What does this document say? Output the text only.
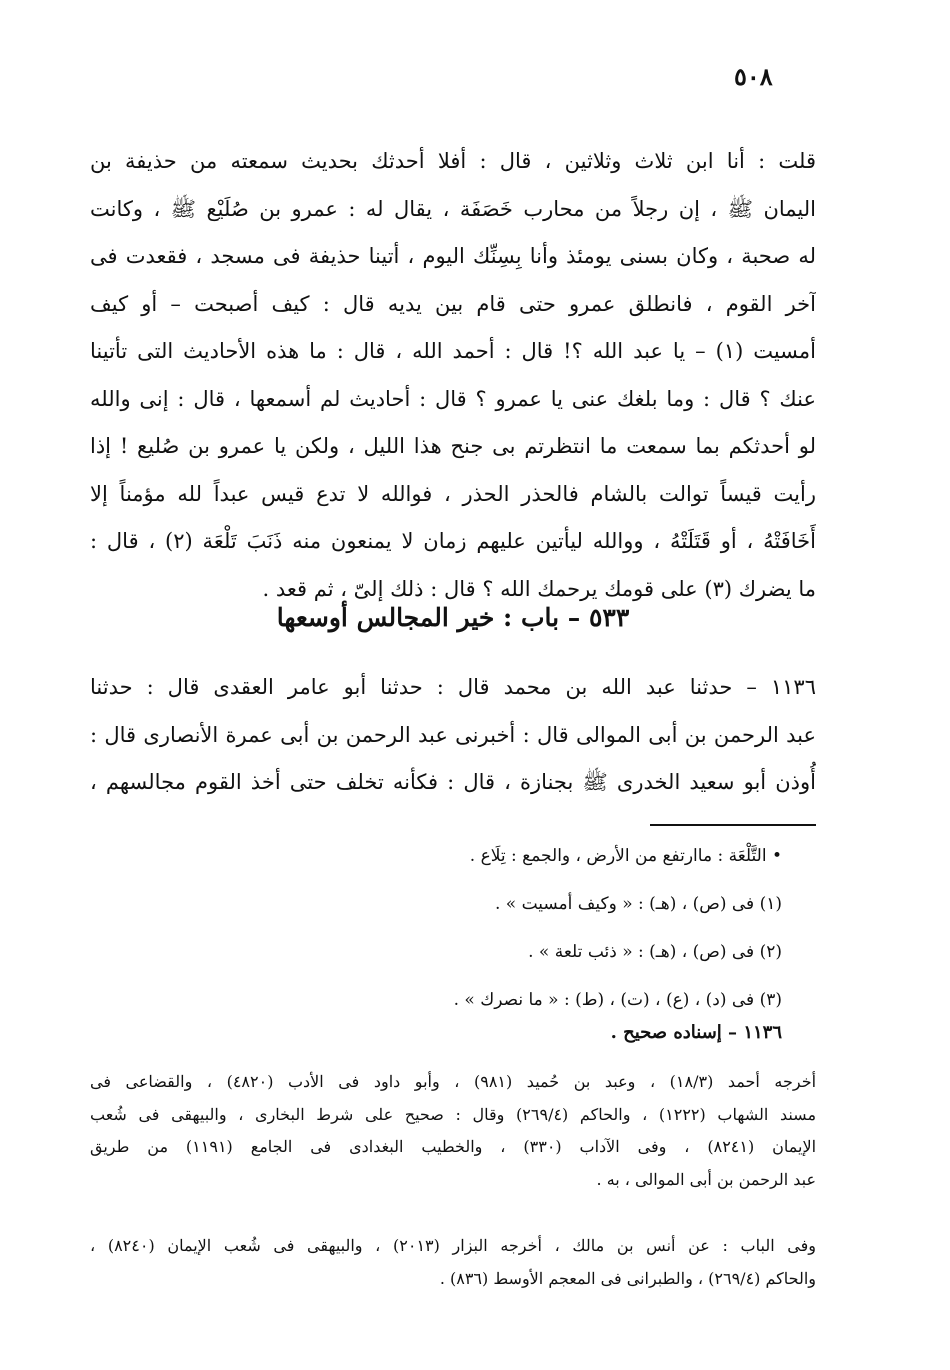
٥٠٨
قلت : أنا ابن ثلاث وثلاثين ، قال : أفلا أحدثك بحديث سمعته من حذيفة بن
اليمان ﷺ ، إن رجلاً من محارب خَصَفَة ، يقال له : عمرو بن صُلَيْع ﷺ ، وكانت
له صحبة ، وكان بسنى يومئذ وأنا بِسِنِّك اليوم ، أتينا حذيفة فى مسجد ، فقعدت فى
آخر القوم ، فانطلق عمرو حتى قام بين يديه قال : كيف أصبحت – أو كيف
أمسيت (١) – يا عبد الله ؟! قال : أحمد الله ، قال : ما هذه الأحاديث التى تأتينا
عنك ؟ قال : وما بلغك عنى يا عمرو ؟ قال : أحاديث لم أسمعها ، قال : إنى والله
لو أحدثكم بما سمعت ما انتظرتم بى جنح هذا الليل ، ولكن يا عمرو بن صُليع ! إذا
رأيت قيساً توالت بالشام فالحذر الحذر ، فوالله لا تدع قيس عبداً لله مؤمناً إلا
أَخَافَتْهُ ، أو قَتَلَتْهُ ، ووالله ليأتين عليهم زمان لا يمنعون منه ذَنَبَ تَلْعَة (٢) ، قال :
ما يضرك (٣) على قومك يرحمك الله ؟ قال : ذلك إلىّ ، ثم قعد .
٥٣٣ – باب : خير المجالس أوسعها
١١٣٦ – حدثنا عبد الله بن محمد قال : حدثنا أبو عامر العقدى قال : حدثنا
عبد الرحمن بن أبى الموالى قال : أخبرنى عبد الرحمن بن أبى عمرة الأنصارى قال :
أُوذن أبو سعيد الخدرى ﷺ بجنازة ، قال : فكأنه تخلف حتى أخذ القوم مجالسهم ،
• التَّلْعَة : ماارتفع من الأرض ، والجمع : تِلَاع .
(١) فى (ص) ، (هـ) : « وكيف أمسيت » .
(٢) فى (ص) ، (هـ) : « ذئب تلعة » .
(٣) فى (د) ، (ع) ، (ت) ، (ط) : « ما نصرك » .
١١٣٦ – إسناده صحيح .
أخرجه أحمد (١٨/٣) ، وعبد بن حُميد (٩٨١) ، وأبو داود فى الأدب (٤٨٢٠) ، والقضاعى فى
مسند الشهاب (١٢٢٢) ، والحاكم (٢٦٩/٤) وقال : صحيح على شرط البخارى ، والبيهقى فى شُعب
الإيمان (٨٢٤١) ، وفى الآداب (٣٣٠) ، والخطيب البغدادى فى الجامع (١١٩١) من طريق
عبد الرحمن بن أبى الموالى ، به .
وفى الباب : عن أنس بن مالك ، أخرجه البزار (٢٠١٣) ، والبيهقى فى شُعب الإيمان (٨٢٤٠) ،
والحاكم (٢٦٩/٤) ، والطبرانى فى المعجم الأوسط (٨٣٦) .
